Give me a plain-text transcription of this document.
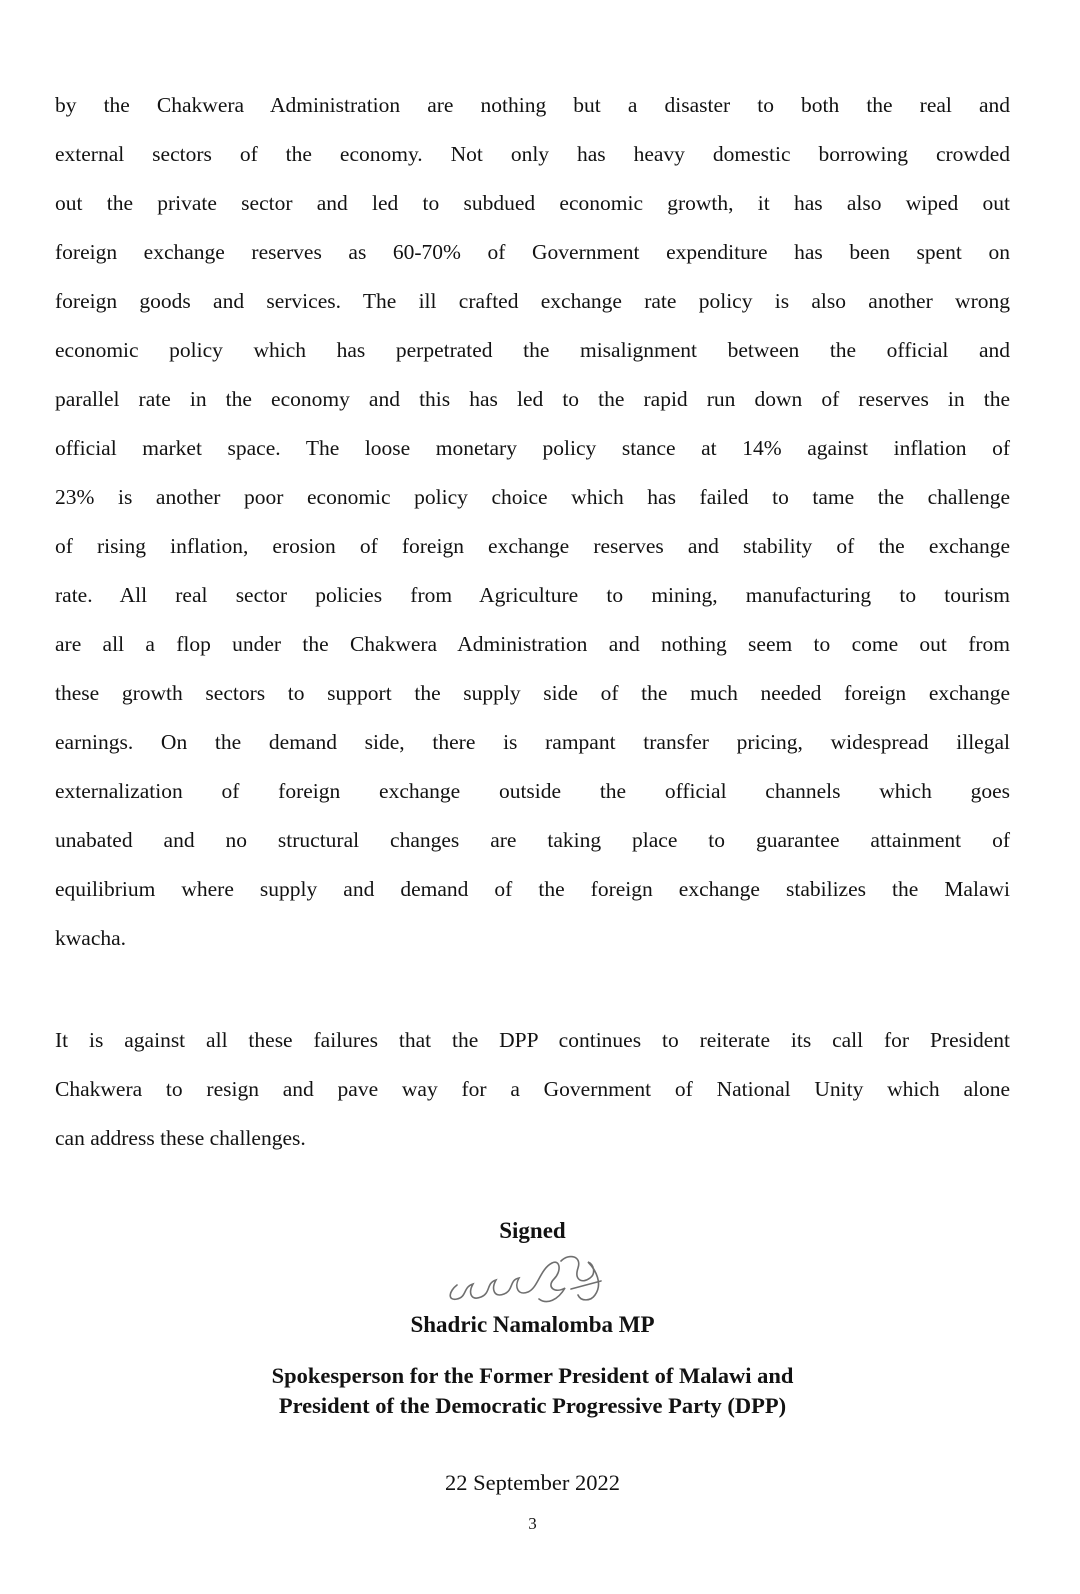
by the Chakwera Administration are nothing but a disaster to both the real and
external sectors of the economy. Not only has heavy domestic borrowing crowded
out the private sector and led to subdued economic growth, it has also wiped out
foreign exchange reserves as 60-70% of Government expenditure has been spent on
foreign goods and services. The ill crafted exchange rate policy is also another wrong
economic policy which has perpetrated the misalignment between the official and
parallel rate in the economy and this has led to the rapid run down of reserves in the
official market space. The loose monetary policy stance at 14% against inflation of
23% is another poor economic policy choice which has failed to tame the challenge
of rising inflation, erosion of foreign exchange reserves and stability of the exchange
rate. All real sector policies from Agriculture to mining, manufacturing to tourism
are all a flop under the Chakwera Administration and nothing seem to come out from
these growth sectors to support the supply side of the much needed foreign exchange
earnings. On the demand side, there is rampant transfer pricing, widespread illegal
externalization of foreign exchange outside the official channels which goes
unabated and no structural changes are taking place to guarantee attainment of
equilibrium where supply and demand of the foreign exchange stabilizes the Malawi
kwacha.
It is against all these failures that the DPP continues to reiterate its call for President
Chakwera to resign and pave way for a Government of National Unity which alone
can address these challenges.
Signed
Shadric Namalomba MP
Spokesperson for the Former President of Malawi and
President of the Democratic Progressive Party (DPP)
22 September 2022
3
